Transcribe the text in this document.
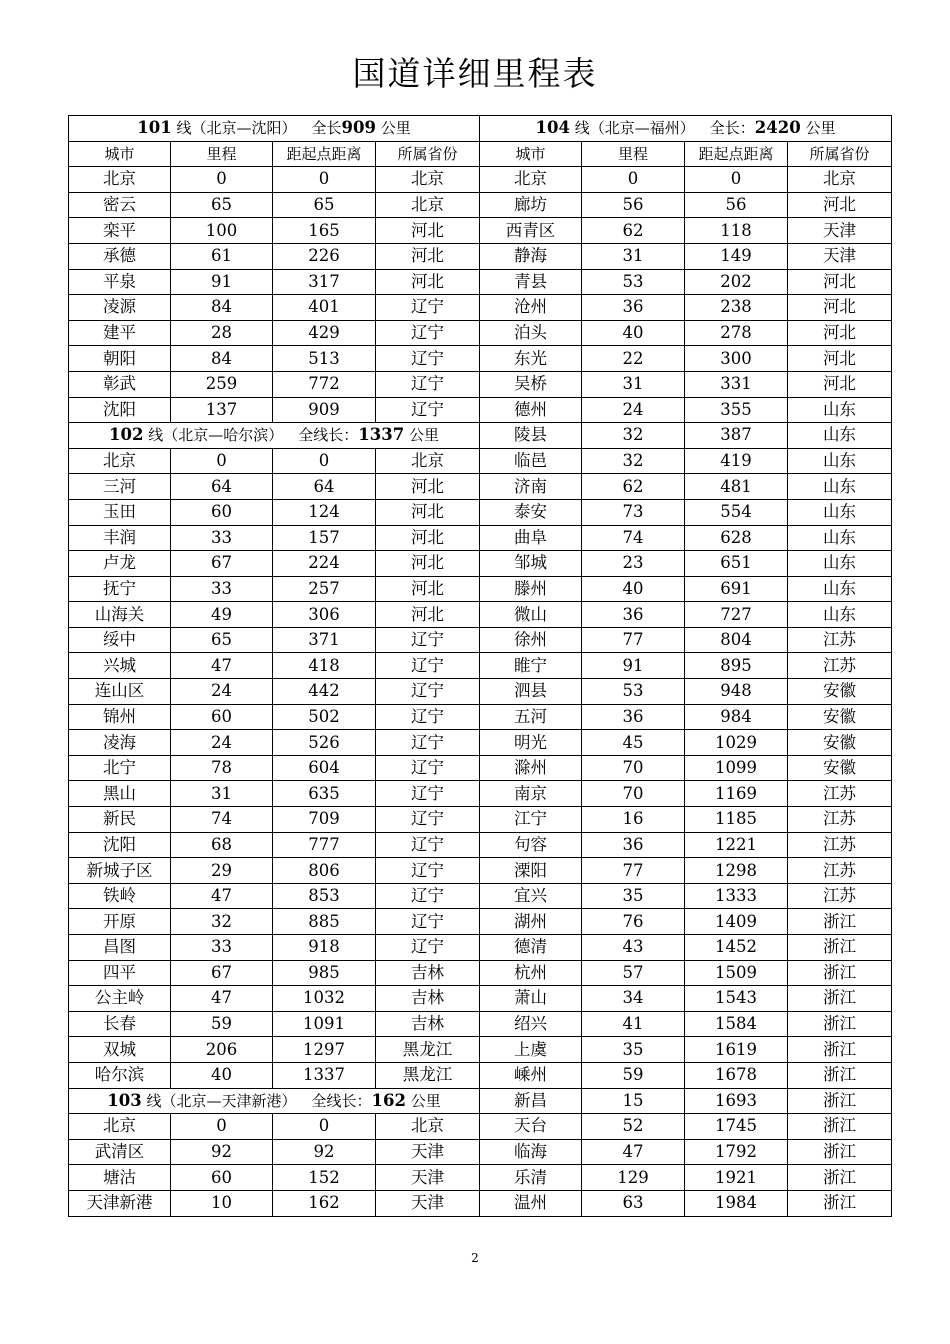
国道详细里程表
101 线（北京—沈阳）  全长909 公里				104 线（北京—福州）  全长：2420 公里			
城市	里程	距起点距离	所属省份	城市	里程	距起点距离	所属省份
北京	0	0	北京	北京	0	0	北京
密云	65	65	北京	廊坊	56	56	河北
栾平	100	165	河北	西青区	62	118	天津
承德	61	226	河北	静海	31	149	天津
平泉	91	317	河北	青县	53	202	河北
凌源	84	401	辽宁	沧州	36	238	河北
建平	28	429	辽宁	泊头	40	278	河北
朝阳	84	513	辽宁	东光	22	300	河北
彰武	259	772	辽宁	吴桥	31	331	河北
沈阳	137	909	辽宁	德州	24	355	山东
102 线（北京—哈尔滨）  全线长：1337 公里				陵县	32	387	山东
北京	0	0	北京	临邑	32	419	山东
三河	64	64	河北	济南	62	481	山东
玉田	60	124	河北	泰安	73	554	山东
丰润	33	157	河北	曲阜	74	628	山东
卢龙	67	224	河北	邹城	23	651	山东
抚宁	33	257	河北	滕州	40	691	山东
山海关	49	306	河北	微山	36	727	山东
绥中	65	371	辽宁	徐州	77	804	江苏
兴城	47	418	辽宁	睢宁	91	895	江苏
连山区	24	442	辽宁	泗县	53	948	安徽
锦州	60	502	辽宁	五河	36	984	安徽
凌海	24	526	辽宁	明光	45	1029	安徽
北宁	78	604	辽宁	滁州	70	1099	安徽
黑山	31	635	辽宁	南京	70	1169	江苏
新民	74	709	辽宁	江宁	16	1185	江苏
沈阳	68	777	辽宁	句容	36	1221	江苏
新城子区	29	806	辽宁	溧阳	77	1298	江苏
铁岭	47	853	辽宁	宜兴	35	1333	江苏
开原	32	885	辽宁	湖州	76	1409	浙江
昌图	33	918	辽宁	德清	43	1452	浙江
四平	67	985	吉林	杭州	57	1509	浙江
公主岭	47	1032	吉林	萧山	34	1543	浙江
长春	59	1091	吉林	绍兴	41	1584	浙江
双城	206	1297	黑龙江	上虞	35	1619	浙江
哈尔滨	40	1337	黑龙江	嵊州	59	1678	浙江
103 线（北京—天津新港）  全线长：162 公里				新昌	15	1693	浙江
北京	0	0	北京	天台	52	1745	浙江
武清区	92	92	天津	临海	47	1792	浙江
塘沽	60	152	天津	乐清	129	1921	浙江
天津新港	10	162	天津	温州	63	1984	浙江
2
